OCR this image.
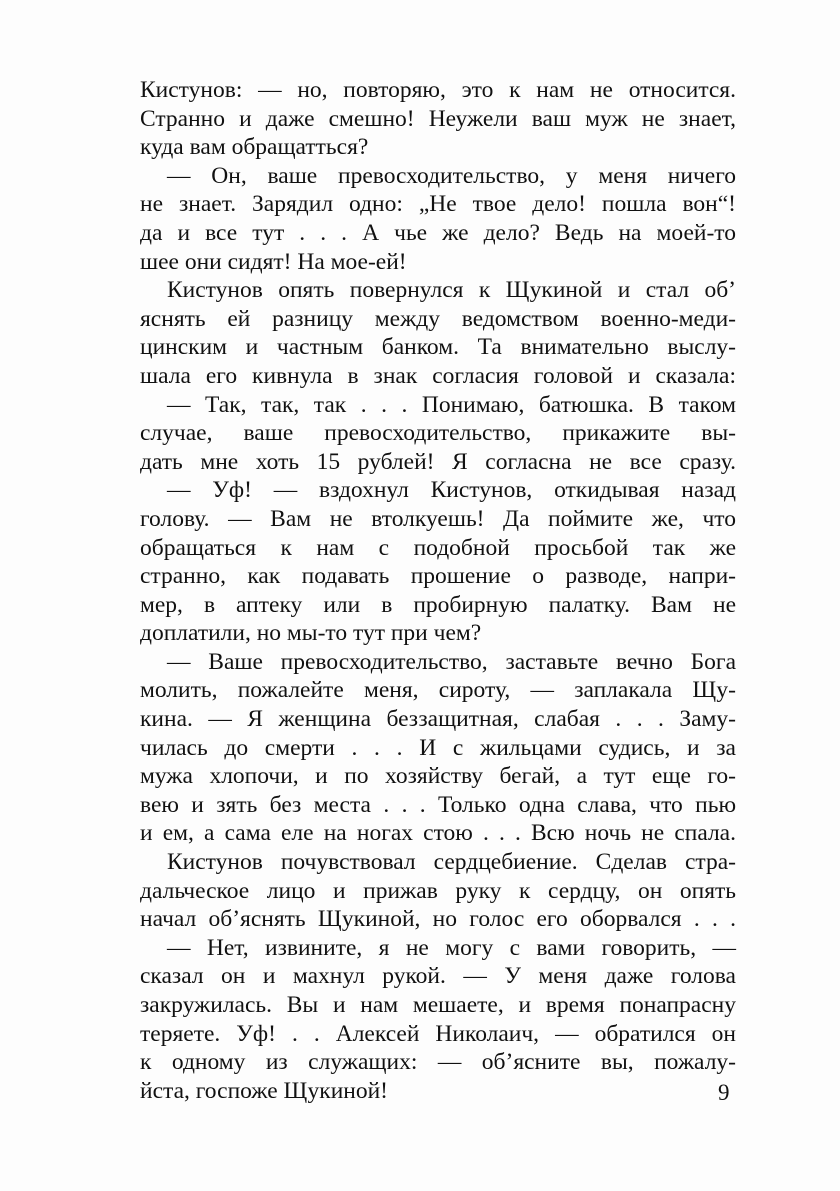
Кистунов: — но, повторяю, это к нам не относится.
Странно и даже смешно! Неужели ваш муж не знает,
куда вам обращатться?
— Он, ваше превосходительство, у меня ничего
не знает. Зарядил одно: „Не твое дело! пошла вон“!
да и все тут . . . А чье же дело? Ведь на моей-то
шее они сидят! На мое-ей!
Кистунов опять повернулся к Щукиной и стал об’
яснять ей разницу между ведомством военно-меди-
цинским и частным банком. Та внимательно выслу-
шала его кивнула в знак согласия головой и сказала:
— Так, так, так . . . Понимаю, батюшка. В таком
случае, ваше превосходительство, прикажите вы-
дать мне хоть 15 рублей! Я согласна не все сразу.
— Уф! — вздохнул Кистунов, откидывая назад
голову. — Вам не втолкуешь! Да поймите же, что
обращаться к нам с подобной просьбой так же
странно, как подавать прошение о разводе, напри-
мер, в аптеку или в пробирную палатку. Вам не
доплатили, но мы-то тут при чем?
— Ваше превосходительство, заставьте вечно Бога
молить, пожалейте меня, сироту, — заплакала Щу-
кина. — Я женщина беззащитная, слабая . . . Заму-
чилась до смерти . . . И с жильцами судись, и за
мужа хлопочи, и по хозяйству бегай, а тут еще го-
вею и зять без места . . . Только одна слава, что пью
и ем, а сама еле на ногах стою . . . Всю ночь не спала.
Кистунов почувствовал сердцебиение. Сделав стра-
дальческое лицо и прижав руку к сердцу, он опять
начал об’яснять Щукиной, но голос его оборвался . . .
— Нет, извините, я не могу с вами говорить, —
сказал он и махнул рукой. — У меня даже голова
закружилась. Вы и нам мешаете, и время понапрасну
теряете. Уф! . . Алексей Николаич, — обратился он
к одному из служащих: — об’ясните вы, пожалу-
йста, госпоже Щукиной!	9
